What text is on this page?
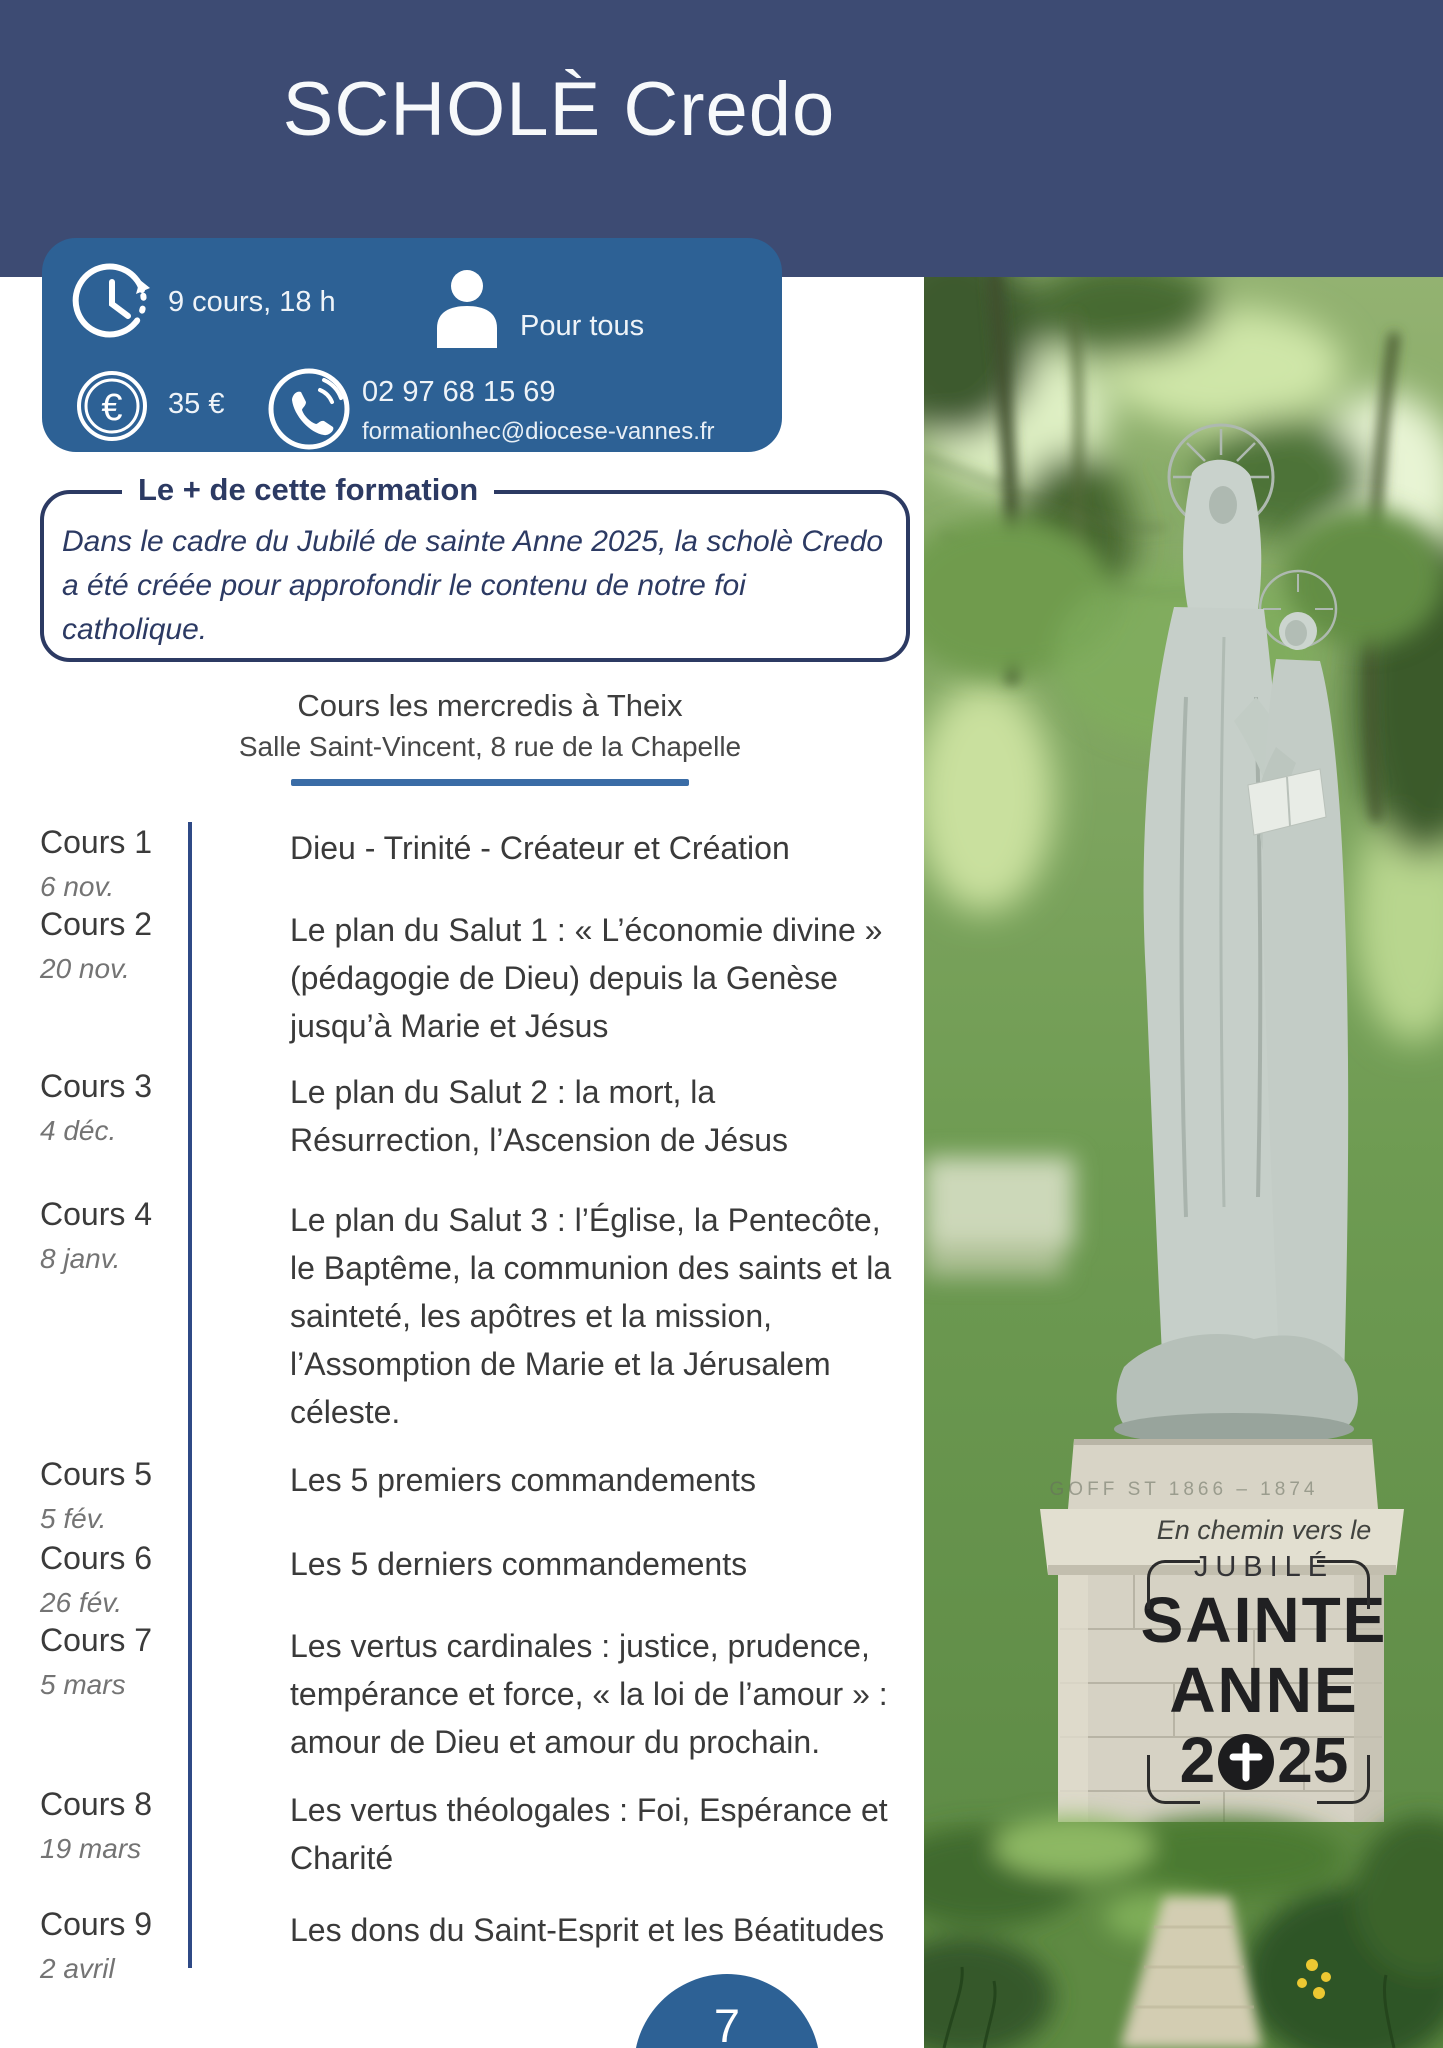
SCHOLÈ Credo
GOFF ST 1866 – 1874
En chemin vers le
JUBILÉ
SAINTE
ANNE
2 25
9 cours, 18 h
Pour tous
€ 35 €	02 97 68 15 69
formationhec@diocese-vannes.fr
Le + de cette formation
Dans le cadre du Jubilé de sainte Anne 2025, la scholè Credo a été créée pour approfondir le contenu de notre foi catholique.
Cours les mercredis à Theix
Salle Saint-Vincent, 8 rue de la Chapelle
Cours 1
6 nov.
Dieu - Trinité - Créateur et Création
Cours 2
20 nov.
Le plan du Salut 1 : « L’économie divine » (pédagogie de Dieu) depuis la Genèse jusqu’à Marie et Jésus
Cours 3
4 déc.
Le plan du Salut 2 : la mort, la Résurrection, l’Ascension de Jésus
Cours 4
8 janv.
Le plan du Salut 3 : l’Église, la Pentecôte, le Baptême, la communion des saints et la sainteté, les apôtres et la mission, l’Assomption de Marie et la Jérusalem céleste.
Cours 5
5 fév.
Les 5 premiers commandements
Cours 6
26 fév.
Les 5 derniers commandements
Cours 7
5 mars
Les vertus cardinales : justice, prudence, tempérance et force, « la loi de l’amour » : amour de Dieu et amour du prochain.
Cours 8
19 mars
Les vertus théologales : Foi, Espérance et Charité
Cours 9
2 avril
Les dons du Saint-Esprit et les Béatitudes
7
